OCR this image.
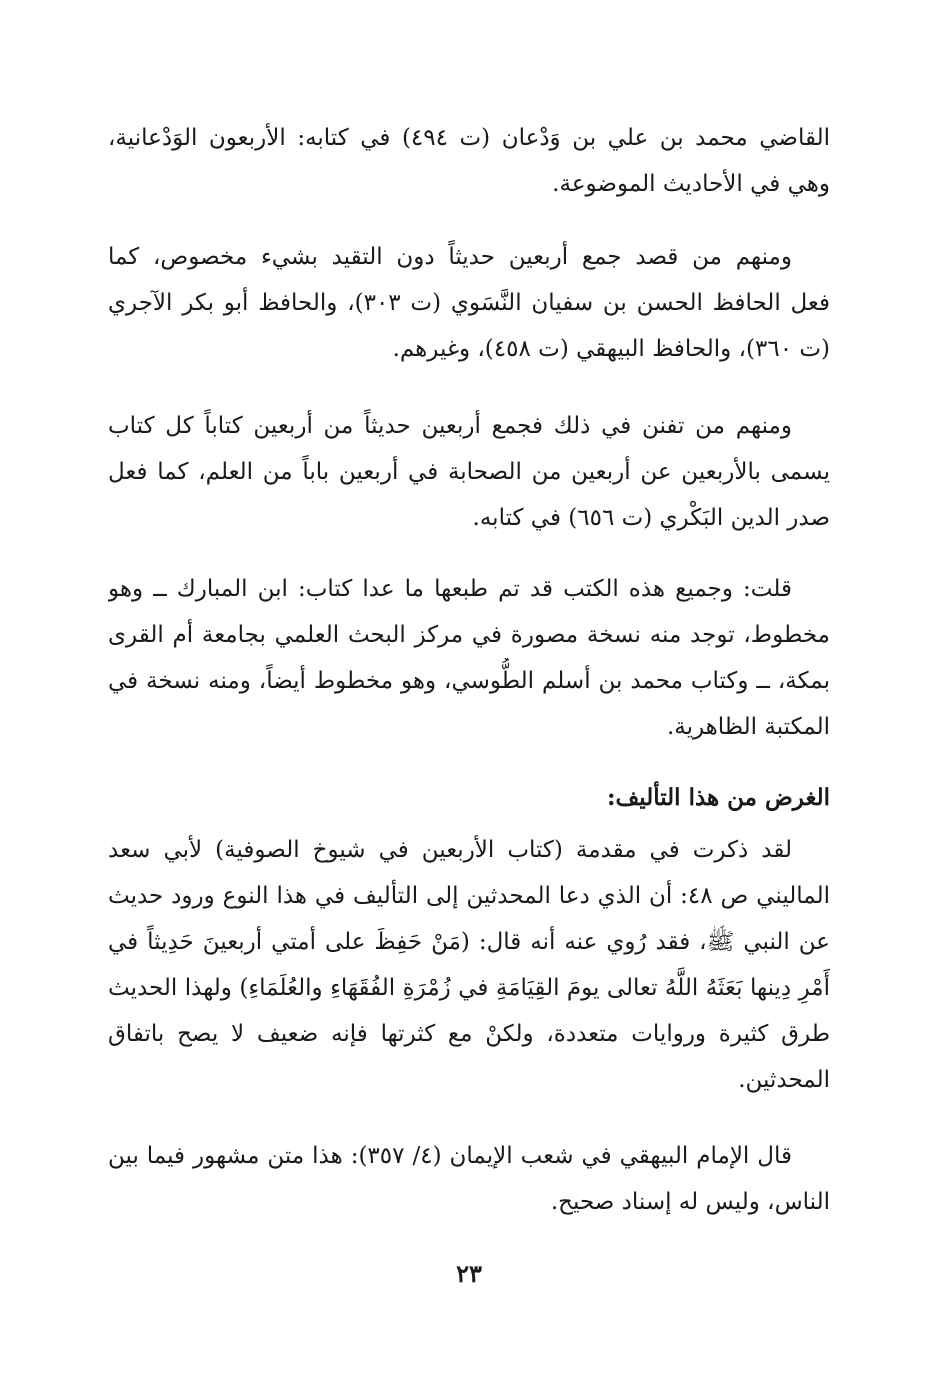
القاضي محمد بن علي بن وَدْعان (ت ٤٩٤) في كتابه: الأربعون الوَدْعانية،
وهي في الأحاديث الموضوعة.
ومنهم من قصد جمع أربعين حديثاً دون التقيد بشيء مخصوص، كما
فعل الحافظ الحسن بن سفيان النَّسَوي (ت ٣٠٣)، والحافظ أبو بكر الآجري
(ت ٣٦٠)، والحافظ البيهقي (ت ٤٥٨)، وغيرهم.
ومنهم من تفنن في ذلك فجمع أربعين حديثاً من أربعين كتاباً كل كتاب
يسمى بالأربعين عن أربعين من الصحابة في أربعين باباً من العلم، كما فعل
صدر الدين البَكْري (ت ٦٥٦) في كتابه.
قلت: وجميع هذه الكتب قد تم طبعها ما عدا كتاب: ابن المبارك ــ وهو
مخطوط، توجد منه نسخة مصورة في مركز البحث العلمي بجامعة أم القرى
بمكة، ــ وكتاب محمد بن أسلم الطُّوسي، وهو مخطوط أيضاً، ومنه نسخة في
المكتبة الظاهرية.
الغرض من هذا التأليف:
لقد ذكرت في مقدمة (كتاب الأربعين في شيوخ الصوفية) لأبي سعد
الماليني ص ٤٨: أن الذي دعا المحدثين إلى التأليف في هذا النوع ورود حديث
عن النبي ﷺ، فقد رُوي عنه أنه قال: (مَنْ حَفِظَ على أمتي أربعينَ حَدِيثاً في
أَمْرِ دِينها بَعَثَهُ اللَّهُ تعالى يومَ القِيَامَةِ في زُمْرَةِ الفُقَهَاءِ والعُلَمَاءِ) ولهذا الحديث
طرق كثيرة وروايات متعددة، ولكنْ مع كثرتها فإنه ضعيف لا يصح باتفاق
المحدثين.
قال الإمام البيهقي في شعب الإيمان (٤/ ٣٥٧): هذا متن مشهور فيما بين
الناس، وليس له إسناد صحيح.
٢٣
